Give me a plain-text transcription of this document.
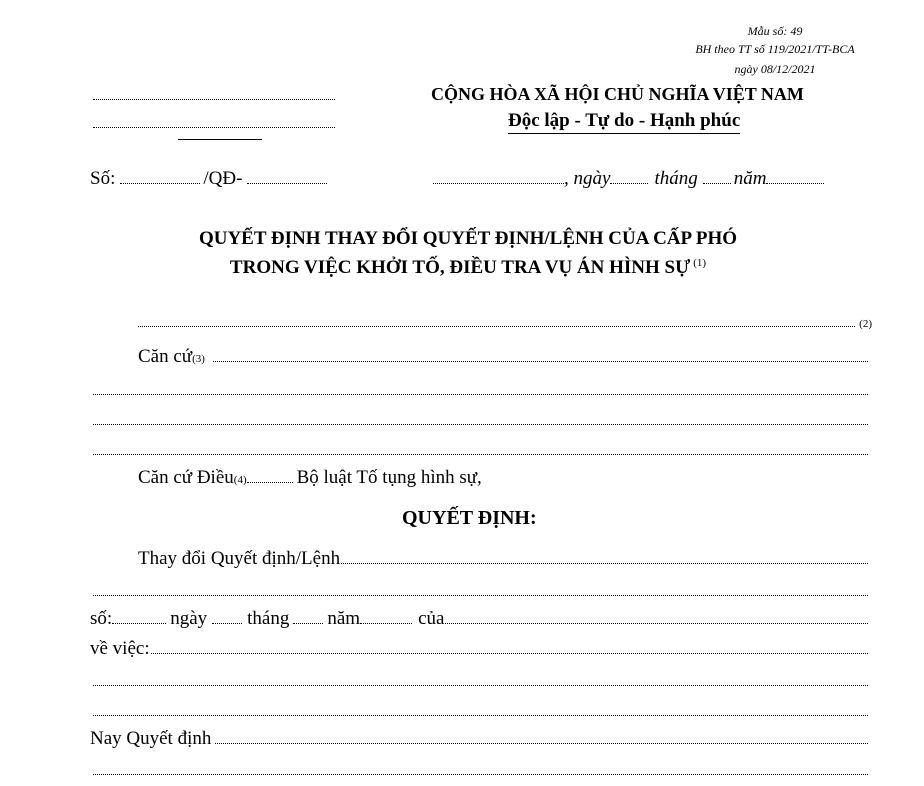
Mẫu số: 49
BH theo TT số 119/2021/TT-BCA
ngày 08/12/2021
CỘNG HÒA XÃ HỘI CHỦ NGHĨA VIỆT NAM
Độc lập - Tự do - Hạnh phúc
Số:	/QĐ-	, ngày tháng năm
QUYẾT ĐỊNH THAY ĐỔI QUYẾT ĐỊNH/LỆNH CỦA CẤP PHÓ
TRONG VIỆC KHỞI TỐ, ĐIỀU TRA VỤ ÁN HÌNH SỰ $^{(1)}$
(2)
Căn cứ (3)
Căn cứ Điều (4)	Bộ luật Tố tụng hình sự,
QUYẾT ĐỊNH:
Thay đổi Quyết định/Lệnh
số:	ngày tháng năm	của
về việc:
Nay Quyết định
